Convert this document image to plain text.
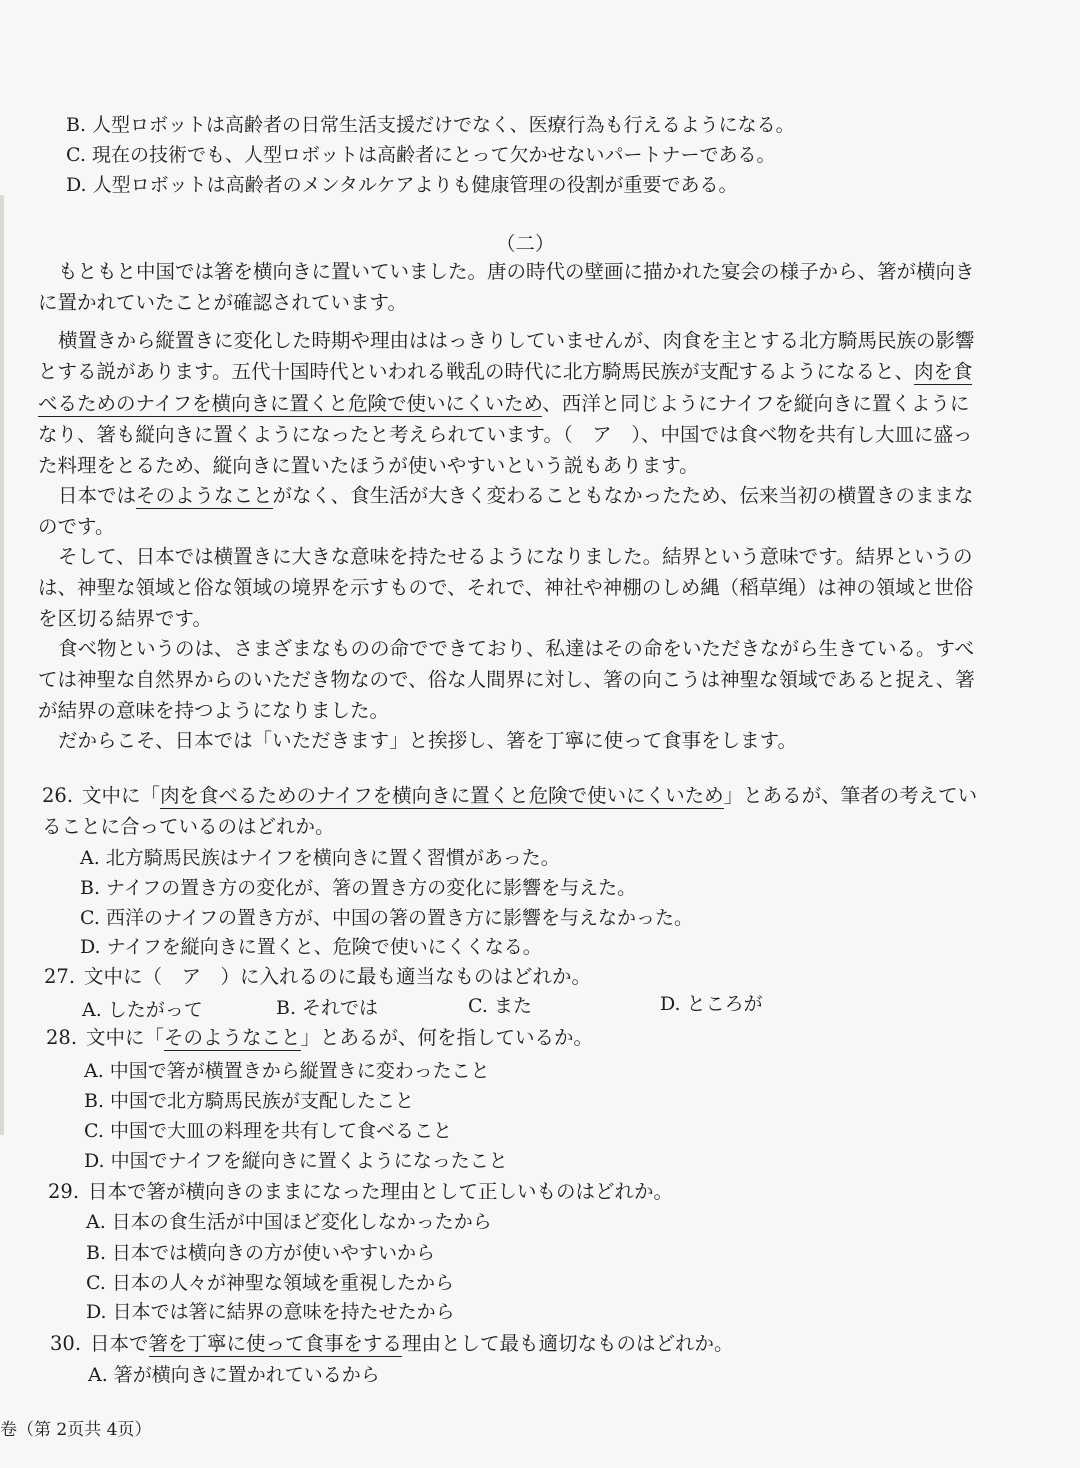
B. 人型ロボットは高齢者の日常生活支援だけでなく、医療行為も行えるようになる。
C. 現在の技術でも、人型ロボットは高齢者にとって欠かせないパートナーである。
D. 人型ロボットは高齢者のメンタルケアよりも健康管理の役割が重要である。
（二）
もともと中国では箸を横向きに置いていました。唐の時代の壁画に描かれた宴会の様子から、箸が横向き
に置かれていたことが確認されています。
横置きから縦置きに変化した時期や理由ははっきりしていませんが、肉食を主とする北方騎馬民族の影響
とする説があります。五代十国時代といわれる戦乱の時代に北方騎馬民族が支配するようになると、肉を食
べるためのナイフを横向きに置くと危険で使いにくいため、西洋と同じようにナイフを縦向きに置くように
なり、箸も縦向きに置くようになったと考えられています。（　ア　）、中国では食べ物を共有し大皿に盛っ
た料理をとるため、縦向きに置いたほうが使いやすいという説もあります。
日本ではそのようなことがなく、食生活が大きく変わることもなかったため、伝来当初の横置きのままな
のです。
そして、日本では横置きに大きな意味を持たせるようになりました。結界という意味です。結界というの
は、神聖な領域と俗な領域の境界を示すもので、それで、神社や神棚のしめ縄（稻草绳）は神の領域と世俗
を区切る結界です。
食べ物というのは、さまざまなものの命でできており、私達はその命をいただきながら生きている。すべ
ては神聖な自然界からのいただき物なので、俗な人間界に対し、箸の向こうは神聖な領域であると捉え、箸
が結界の意味を持つようになりました。
だからこそ、日本では「いただきます」と挨拶し、箸を丁寧に使って食事をします。
26. 文中に「肉を食べるためのナイフを横向きに置くと危険で使いにくいため」とあるが、筆者の考えてい
ることに合っているのはどれか。
A. 北方騎馬民族はナイフを横向きに置く習慣があった。
B. ナイフの置き方の変化が、箸の置き方の変化に影響を与えた。
C. 西洋のナイフの置き方が、中国の箸の置き方に影響を与えなかった。
D. ナイフを縦向きに置くと、危険で使いにくくなる。
27. 文中に（　ア　）に入れるのに最も適当なものはどれか。
A. したがって	B. それでは	C. また	D. ところが
28. 文中に「そのようなこと」とあるが、何を指しているか。
A. 中国で箸が横置きから縦置きに変わったこと
B. 中国で北方騎馬民族が支配したこと
C. 中国で大皿の料理を共有して食べること
D. 中国でナイフを縦向きに置くようになったこと
29. 日本で箸が横向きのままになった理由として正しいものはどれか。
A. 日本の食生活が中国ほど変化しなかったから
B. 日本では横向きの方が使いやすいから
C. 日本の人々が神聖な領域を重視したから
D. 日本では箸に結界の意味を持たせたから
30. 日本で箸を丁寧に使って食事をする理由として最も適切なものはどれか。
A. 箸が横向きに置かれているから
卷（第 2页共 4页）
